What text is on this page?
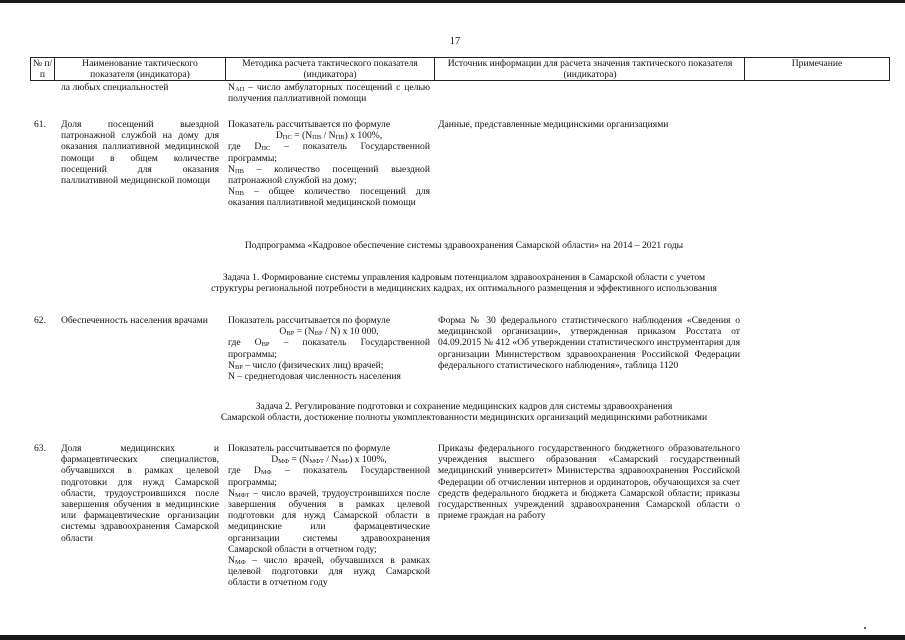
17
№ п/п
Наименование тактического показателя (индикатора)
Методика расчета тактического показателя (индикатора)
Источник информации для расчета значения тактического показателя (индикатора)
Примечание
ла любых специальностей	$N_{АП}$ – число амбулаторных посещений с целью получения паллиативной помощи
61. Доля посещений выездной патронажной службой на дому для оказания паллиативной медицинской помощи в общем количестве посещений для оказания паллиативной медицинской помощи
Показатель рассчитывается по формуле
$D_{ПС} = (N_{ПВ} / N_{ПВ})$ х 100%,
где $D_{ПС}$ – показатель Государственной программы;
$N_{ПВ}$ – количество посещений выездной патронажной службой на дому;
$N_{ПВ}$ – общее количество посещений для оказания паллиативной медицинской помощи
Данные, представленные медицинскими организациями
Подпрограмма «Кадровое обеспечение системы здравоохранения Самарской области» на 2014 – 2021 годы
Задача 1. Формирование системы управления кадровым потенциалом здравоохранения в Самарской области с учетом
структуры региональной потребности в медицинских кадрах, их оптимального размещения и эффективного использования
62. Обеспеченность населения врачами	Показатель рассчитывается по формуле
$О_{ВР} = (N_{ВР} / N)$ х 10 000,
где $О_{ВР}$ – показатель Государственной программы;
$N_{ВР}$ – число (физических лиц) врачей;
N – среднегодовая численность населения
Форма № 30 федерального статистического наблюдения «Сведения о медицинской организации», утвержденная приказом Росстата от 04.09.2015 № 412 «Об утверждении статистического инструментария для организации Министерством здравоохранения Российской Федерации федерального статистического наблюдения», таблица 1120
Задача 2. Регулирование подготовки и сохранение медицинских кадров для системы здравоохранения
Самарской области, достижение полноты укомплектованности медицинских организаций медицинскими работниками
63. Доля медицинских и фармацевтических специалистов, обучавшихся в рамках целевой подготовки для нужд Самарской области, трудоустроившихся после завершения обучения в медицинские или фармацевтические организации системы здравоохранения Самарской области
Показатель рассчитывается по формуле
$D_{МФ} = (N_{МФТ} / N_{МФ})$ х 100%,
где $D_{МФ}$ – показатель Государственной программы;
$N_{МФТ}$ – число врачей, трудоустроившихся после завершения обучения в рамках целевой подготовки для нужд Самарской области в медицинские или фармацевтические организации системы здравоохранения Самарской области в отчетном году;
$N_{МФ}$ – число врачей, обучавшихся в рамках целевой подготовки для нужд Самарской области в отчетном году
Приказы федерального государственного бюджетного образовательного учреждения высшего образования «Самарский государственный медицинский университет» Министерства здравоохранения Российской Федерации об отчислении интернов и ординаторов, обучающихся за счет средств федерального бюджета и бюджета Самарской области; приказы государственных учреждений здравоохранения Самарской области о приеме граждан на работу
